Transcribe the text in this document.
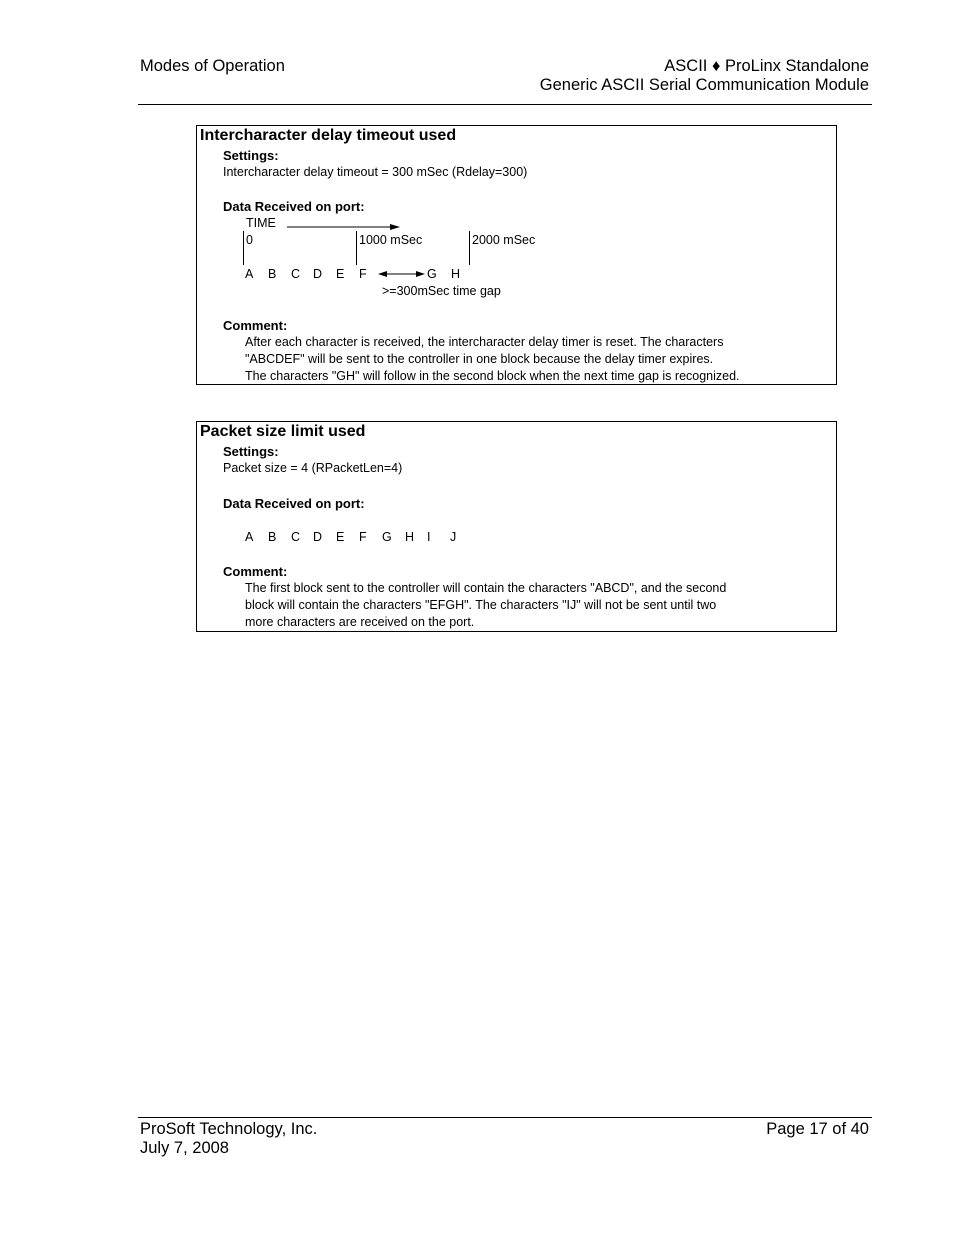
Modes of Operation	ASCII ♦ ProLinx Standalone
Generic ASCII Serial Communication Module
Intercharacter delay timeout used
Settings:
Intercharacter delay timeout = 300 mSec (Rdelay=300)
Data Received on port:
TIME
0	1000 mSec	2000 mSec
A B C D E F	G H
>=300mSec time gap
Comment:
After each character is received, the intercharacter delay timer is reset. The characters
"ABCDEF" will be sent to the controller in one block because the delay timer expires.
The characters "GH" will follow in the second block when the next time gap is recognized.
Packet size limit used
Settings:
Packet size = 4 (RPacketLen=4)
Data Received on port:
A B C D E F G H I J
Comment:
The first block sent to the controller will contain the characters "ABCD", and the second
block will contain the characters "EFGH". The characters "IJ" will not be sent until two
more characters are received on the port.
ProSoft Technology, Inc.
July 7, 2008
Page 17 of 40
